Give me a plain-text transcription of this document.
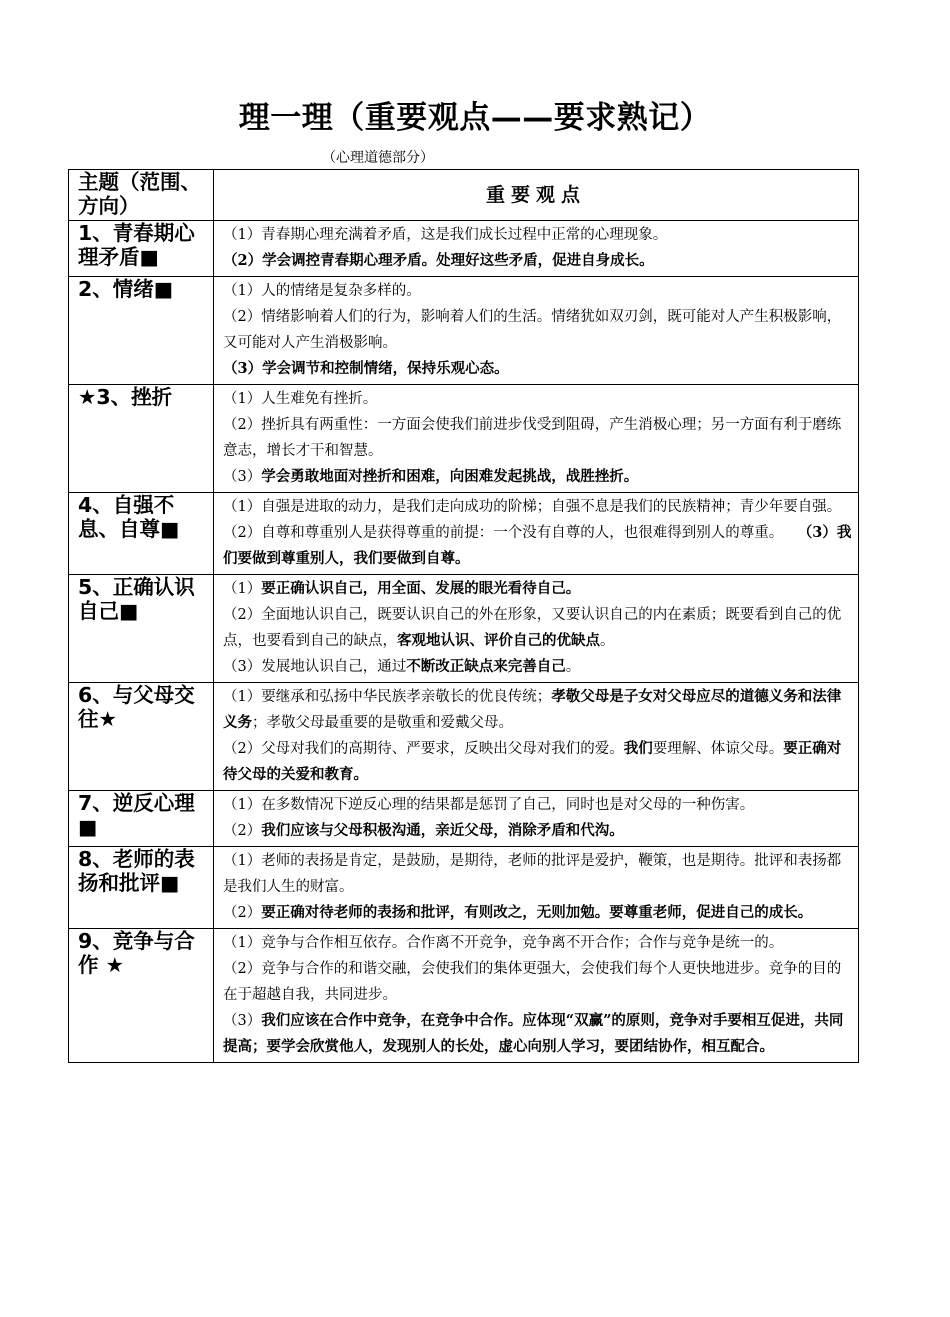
理一理（重要观点——要求熟记）
（心理道德部分）
主题（范围、方向）	重要观点
1、青春期心理矛盾■	（1）青春期心理充满着矛盾，这是我们成长过程中正常的心理现象。
（2）学会调控青春期心理矛盾。处理好这些矛盾，促进自身成长。

2、情绪■	（1）人的情绪是复杂多样的。
（2）情绪影响着人们的行为，影响着人们的生活。情绪犹如双刃剑，既可能对人产生积极影响，又可能对人产生消极影响。
（3）学会调节和控制情绪，保持乐观心态。

★3、挫折	（1）人生难免有挫折。
（2）挫折具有两重性：一方面会使我们前进步伐受到阻碍，产生消极心理；另一方面有利于磨练意志，增长才干和智慧。
（3）学会勇敢地面对挫折和困难，向困难发起挑战，战胜挫折。

4、自强不息、自尊■	（1）自强是进取的动力，是我们走向成功的阶梯；自强不息是我们的民族精神；青少年要自强。
（2）自尊和尊重别人是获得尊重的前提：一个没有自尊的人，也很难得到别人的尊重。　　（3）我们要做到尊重别人，我们要做到自尊。

5、正确认识自己■	（1）要正确认识自己，用全面、发展的眼光看待自己。
（2）全面地认识自己，既要认识自己的外在形象，又要认识自己的内在素质；既要看到自己的优点，也要看到自己的缺点，客观地认识、评价自己的优缺点。
（3）发展地认识自己，通过不断改正缺点来完善自己。

6、与父母交往★	（1）要继承和弘扬中华民族孝亲敬长的优良传统；孝敬父母是子女对父母应尽的道德义务和法律义务；孝敬父母最重要的是敬重和爱戴父母。
（2）父母对我们的高期待、严要求，反映出父母对我们的爱。我们要理解、体谅父母。要正确对待父母的关爱和教育。

7、逆反心理■	（1）在多数情况下逆反心理的结果都是惩罚了自己，同时也是对父母的一种伤害。
（2）我们应该与父母积极沟通，亲近父母，消除矛盾和代沟。

8、老师的表扬和批评■	（1）老师的表扬是肯定，是鼓励，是期待，老师的批评是爱护，鞭策，也是期待。批评和表扬都是我们人生的财富。
（2）要正确对待老师的表扬和批评，有则改之，无则加勉。要尊重老师，促进自己的成长。

9、竞争与合作 ★	（1）竞争与合作相互依存。合作离不开竞争，竞争离不开合作；合作与竞争是统一的。
（2）竞争与合作的和谐交融，会使我们的集体更强大，会使我们每个人更快地进步。竞争的目的在于超越自我，共同进步。
（3）我们应该在合作中竞争，在竞争中合作。应体现“双赢”的原则，竞争对手要相互促进，共同提高；要学会欣赏他人，发现别人的长处，虚心向别人学习，要团结协作，相互配合。
